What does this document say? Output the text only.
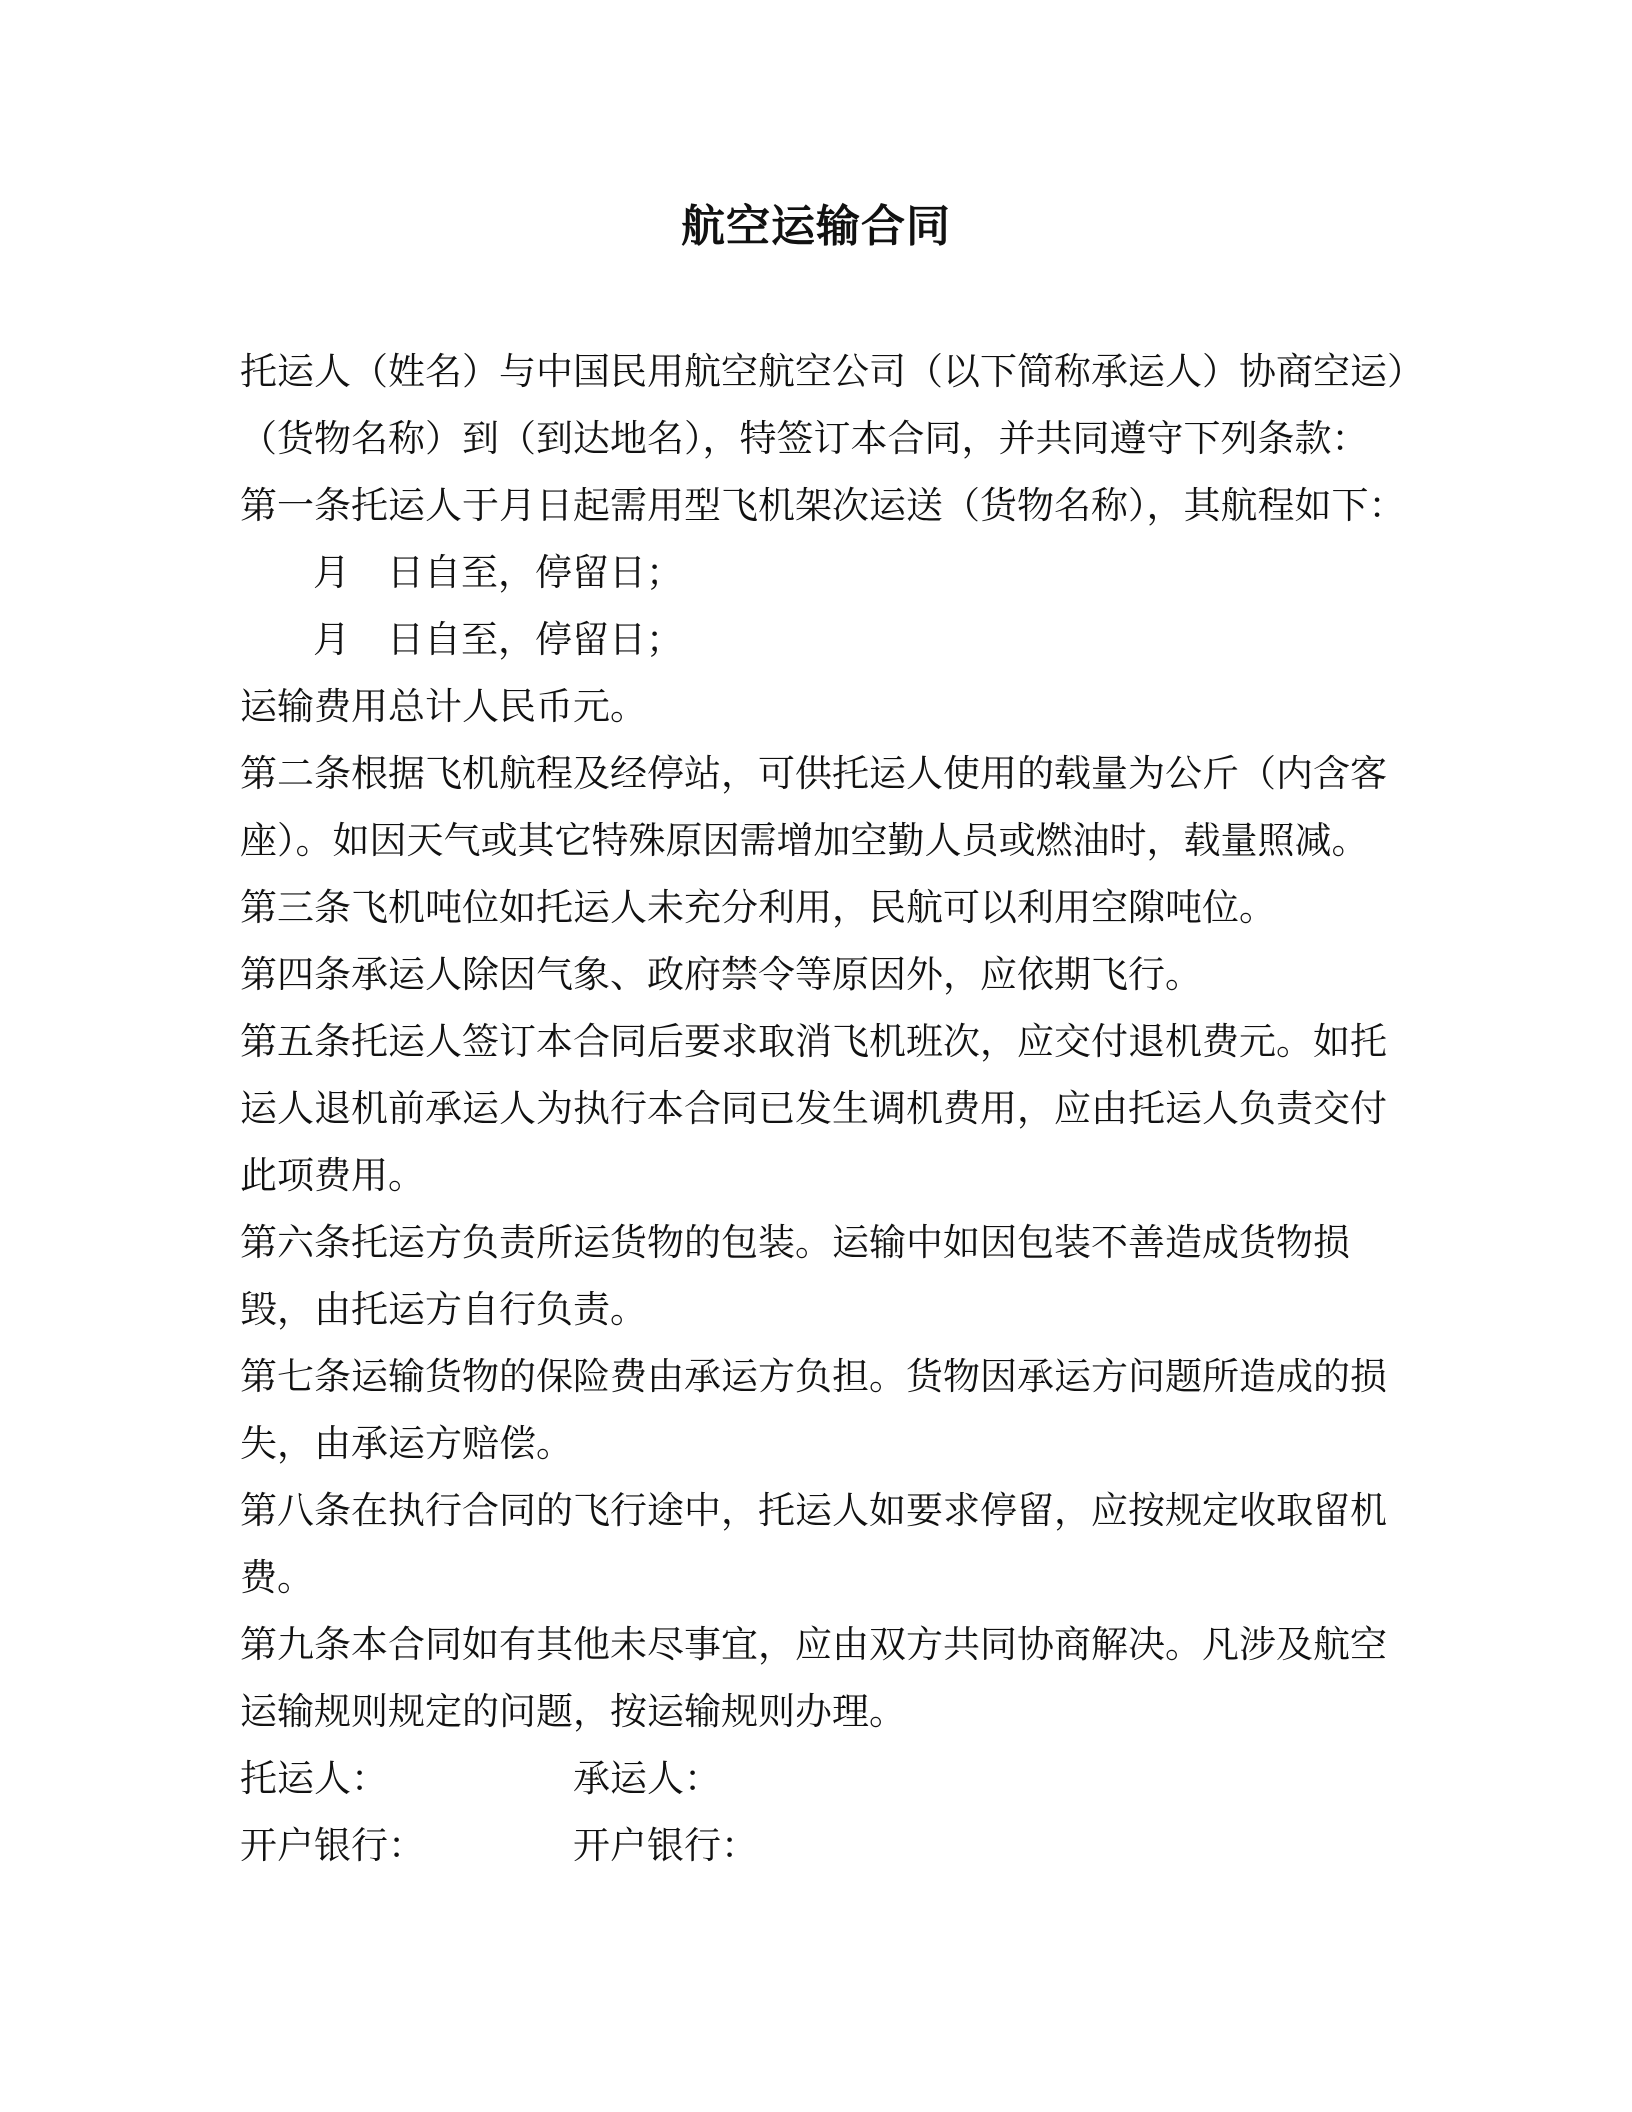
航空运输合同
托运人（姓名）与中国民用航空航空公司（以下简称承运人）协商空运）
（货物名称）到（到达地名），特签订本合同，并共同遵守下列条款：
第一条托运人于月日起需用型飞机架次运送（货物名称），其航程如下：
月 日自至，停留日；
月 日自至，停留日；
运输费用总计人民币元。
第二条根据飞机航程及经停站，可供托运人使用的载量为公斤（内含客
座）。如因天气或其它特殊原因需增加空勤人员或燃油时，载量照减。
第三条飞机吨位如托运人未充分利用，民航可以利用空隙吨位。
第四条承运人除因气象、政府禁令等原因外，应依期飞行。
第五条托运人签订本合同后要求取消飞机班次，应交付退机费元。如托
运人退机前承运人为执行本合同已发生调机费用，应由托运人负责交付
此项费用。
第六条托运方负责所运货物的包装。运输中如因包装不善造成货物损
毁，由托运方自行负责。
第七条运输货物的保险费由承运方负担。货物因承运方问题所造成的损
失，由承运方赔偿。
第八条在执行合同的飞行途中，托运人如要求停留，应按规定收取留机
费。
第九条本合同如有其他未尽事宜，应由双方共同协商解决。凡涉及航空
运输规则规定的问题，按运输规则办理。
托运人：	承运人：
开户银行：	开户银行：
